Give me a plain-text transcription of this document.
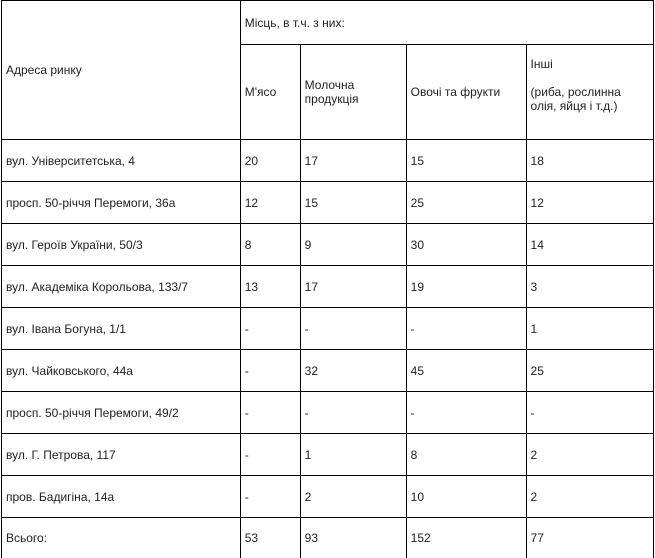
Адреса ринку	Місць, в т.ч. з них:			
	М'ясо	Молочна продукція	Овочі та фрукти	Інші
(риба, рослинна олія, яйця і т.д.)

вул. Університетська, 4	20	17	15	18
просп. 50-річчя Перемоги, 36а	12	15	25	12
вул. Героїв України, 50/3	8	9	30	14
вул. Академіка Корольова, 133/7	13	17	19	3
вул. Івана Богуна, 1/1	-	-	-	1
вул. Чайковського, 44а	-	32	45	25
просп. 50-річчя Перемоги, 49/2	-	-	-	-
вул. Г. Петрова, 117	-	1	8	2
пров. Бадигіна, 14а	-	2	10	2
Всього:	53	93	152	77
